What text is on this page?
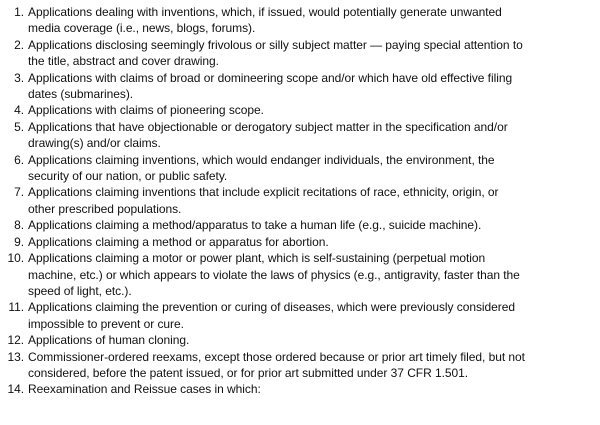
1. Applications dealing with inventions, which, if issued, would potentially generate unwanted
media coverage (i.e., news, blogs, forums).
2. Applications disclosing seemingly frivolous or silly subject matter — paying special attention to
the title, abstract and cover drawing.
3. Applications with claims of broad or domineering scope and/or which have old effective filing
dates (submarines).
4. Applications with claims of pioneering scope.
5. Applications that have objectionable or derogatory subject matter in the specification and/or
drawing(s) and/or claims.
6. Applications claiming inventions, which would endanger individuals, the environment, the
security of our nation, or public safety.
7. Applications claiming inventions that include explicit recitations of race, ethnicity, origin, or
other prescribed populations.
8. Applications claiming a method/apparatus to take a human life (e.g., suicide machine).
9. Applications claiming a method or apparatus for abortion.
10. Applications claiming a motor or power plant, which is self-sustaining (perpetual motion
machine, etc.) or which appears to violate the laws of physics (e.g., antigravity, faster than the
speed of light, etc.).
11. Applications claiming the prevention or curing of diseases, which were previously considered
impossible to prevent or cure.
12. Applications of human cloning.
13. Commissioner-ordered reexams, except those ordered because or prior art timely filed, but not
considered, before the patent issued, or for prior art submitted under 37 CFR 1.501.
14. Reexamination and Reissue cases in which:
